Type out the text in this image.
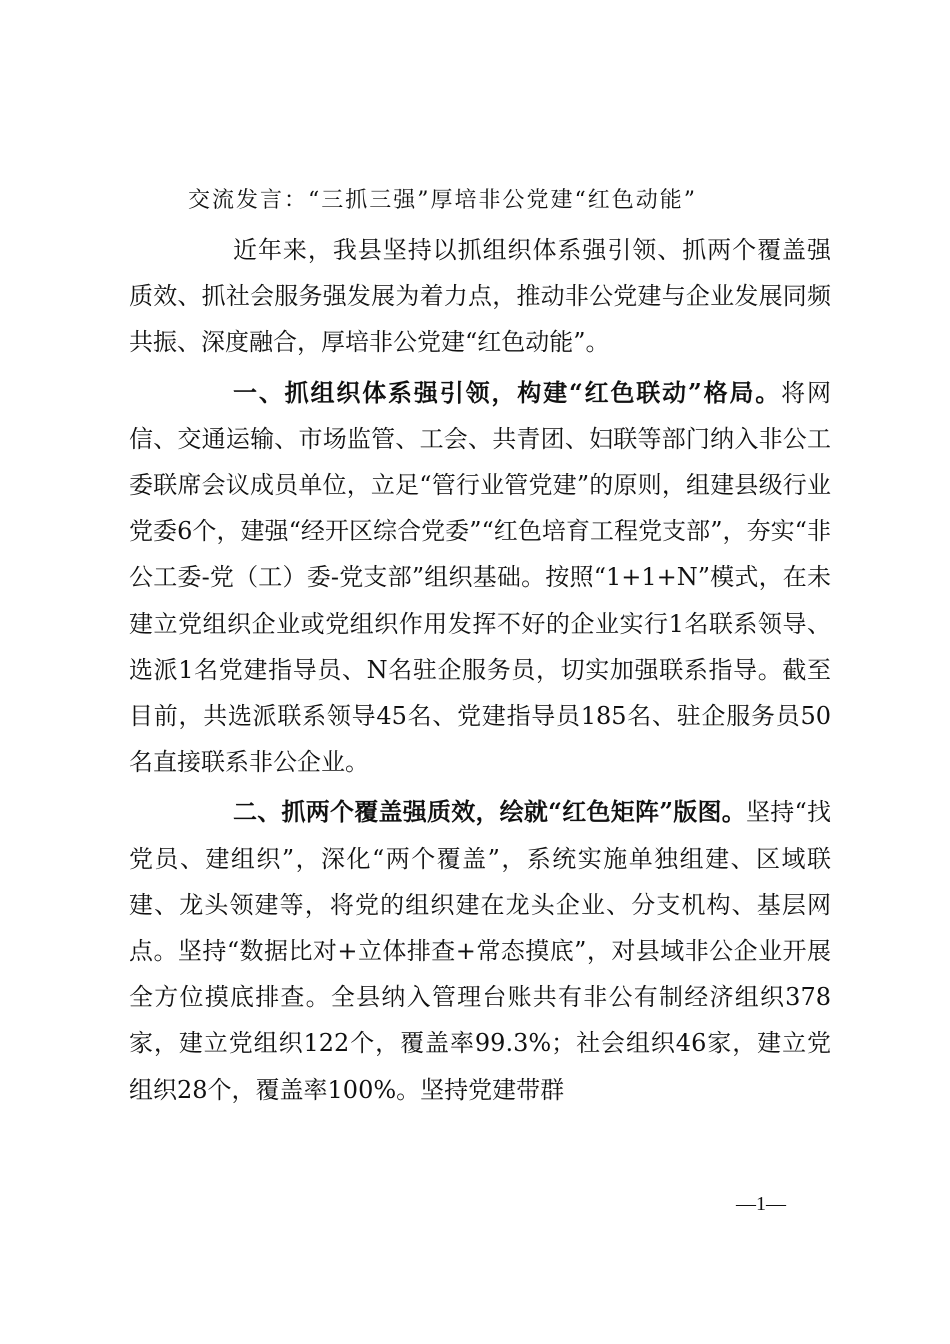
交流发言：“三抓三强”厚培非公党建“红色动能”

近年来，我县坚持以抓组织体系强引领、抓两个覆盖强质效、抓社会服务强发展为着力点，推动非公党建与企业发展同频共振、深度融合，厚培非公党建“红色动能”。

一、抓组织体系强引领，构建“红色联动”格局。将网信、交通运输、市场监管、工会、共青团、妇联等部门纳入非公工委联席会议成员单位，立足“管行业管党建”的原则，组建县级行业党委6个，建强“经开区综合党委”“红色培育工程党支部”，夯实“非公工委-党（工）委-党支部”组织基础。按照“1+1+N”模式，在未建立党组织企业或党组织作用发挥不好的企业实行1名联系领导、选派1名党建指导员、N名驻企服务员，切实加强联系指导。截至目前，共选派联系领导45名、党建指导员185名、驻企服务员50名直接联系非公企业。

二、抓两个覆盖强质效，绘就“红色矩阵”版图。坚持“找党员、建组织”，深化“两个覆盖”，系统实施单独组建、区域联建、龙头领建等，将党的组织建在龙头企业、分支机构、基层网点。坚持“数据比对+立体排查+常态摸底”，对县域非公企业开展全方位摸底排查。全县纳入管理台账共有非公有制经济组织378家，建立党组织122个，覆盖率99.3%；社会组织46家，建立党组织28个，覆盖率100%。坚持党建带群

—1—
